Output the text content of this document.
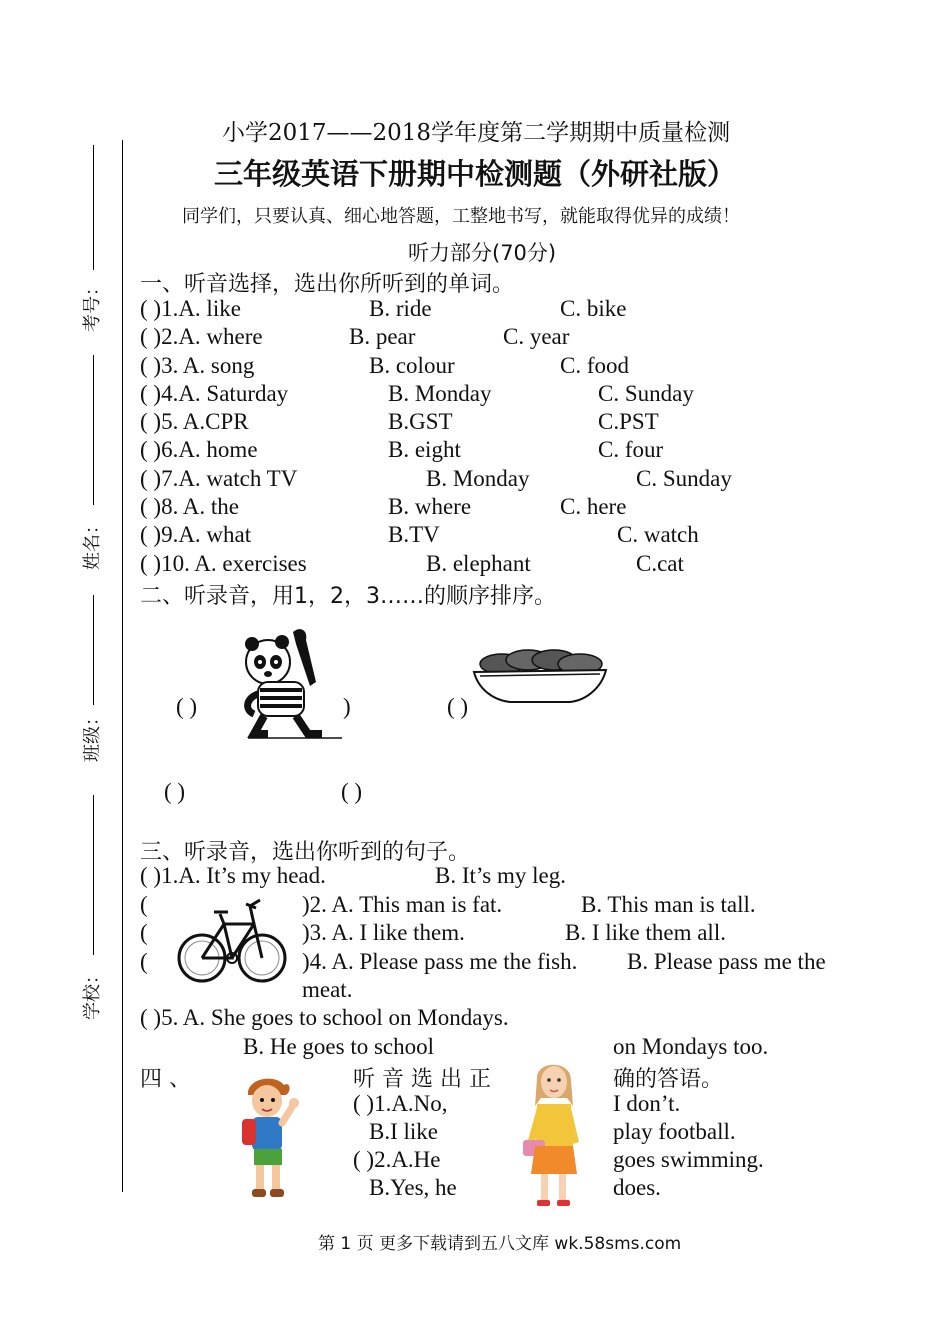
考号：
姓名：
班级：
学校：
小学2017——2018学年度第二学期期中质量检测
三年级英语下册期中检测题（外研社版）
同学们，只要认真、细心地答题，工整地书写，就能取得优异的成绩！
听力部分(70分)
一、听音选择，选出你所听到的单词。
( )1.A. like	B. ride	C. bike
( )2.A. where	B. pear	C. year
( )3. A. song	B. colour	C. food
( )4.A. Saturday	B. Monday	C. Sunday
( )5. A.CPR	B.GST	C.PST
( )6.A. home	B. eight	C. four
( )7.A. watch TV	B. Monday	C. Sunday
( )8. A. the	B. where	C. here
( )9.A. what	B.TV	C. watch
( )10. A. exercises	B. elephant	C.cat
二、听录音，用1，2，3……的顺序排序。
( )	)	( )
( )	( )
三、听录音，选出你听到的句子。
( )1.A. It’s my head.	B. It’s my leg.
(	)2. A. This man is fat.	B. This man is tall.
(	)3. A. I like them.	B. I like them all.
(	)4. A. Please pass me the fish. B. Please pass me the
meat.
( )5. A. She goes to school on Mondays.
B. He goes to school	on Mondays too.
四 、	听 音 选 出 正	确的答语。
( )1.A.No,	I don’t.
B.I like	play football.
( )2.A.He	goes swimming.
B.Yes, he	does.
第 1 页 更多下载请到五八文库 wk.58sms.com
